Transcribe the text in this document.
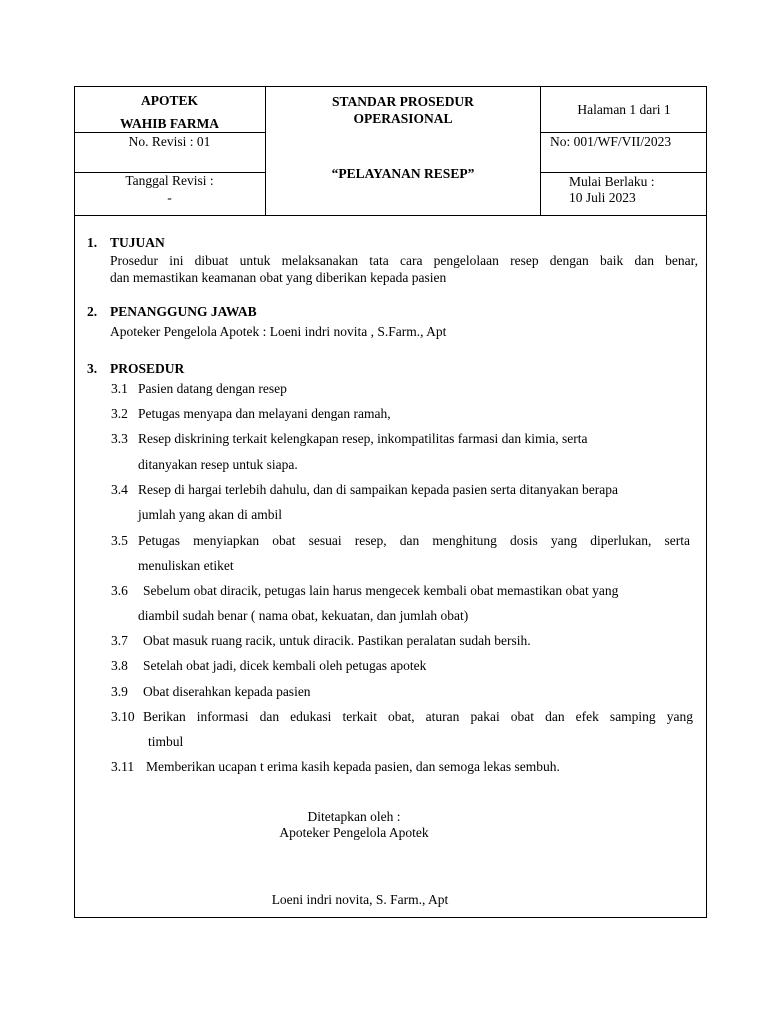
APOTEK
WAHIB FARMA
STANDAR PROSEDUR
OPERASIONAL
Halaman 1 dari 1
No. Revisi : 01	No: 001/WF/VII/2023
“PELAYANAN RESEP”
Tanggal Revisi :
-
Mulai Berlaku :
10 Juli 2023
1. TUJUAN
Prosedur ini dibuat untuk melaksanakan tata cara pengelolaan resep dengan baik dan benar,
dan memastikan keamanan obat yang diberikan kepada pasien
2. PENANGGUNG JAWAB
Apoteker Pengelola Apotek : Loeni indri novita , S.Farm., Apt
3. PROSEDUR
3.1 Pasien datang dengan resep
3.2 Petugas menyapa dan melayani dengan ramah,
3.3 Resep diskrining terkait kelengkapan resep, inkompatilitas farmasi dan kimia, serta
ditanyakan resep untuk siapa.
3.4 Resep di hargai terlebih dahulu, dan di sampaikan kepada pasien serta ditanyakan berapa
jumlah yang akan di ambil
3.5 Petugas menyiapkan obat sesuai resep, dan menghitung dosis yang diperlukan, serta
menuliskan etiket
3.6 Sebelum obat diracik, petugas lain harus mengecek kembali obat memastikan obat yang
diambil sudah benar ( nama obat, kekuatan, dan jumlah obat)
3.7 Obat masuk ruang racik, untuk diracik. Pastikan peralatan sudah bersih.
3.8 Setelah obat jadi, dicek kembali oleh petugas apotek
3.9 Obat diserahkan kepada pasien
3.10 Berikan informasi dan edukasi terkait obat, aturan pakai obat dan efek samping yang
timbul
3.11 Memberikan ucapan t erima kasih kepada pasien, dan semoga lekas sembuh.
Ditetapkan oleh :
Apoteker Pengelola Apotek
Loeni indri novita, S. Farm., Apt
